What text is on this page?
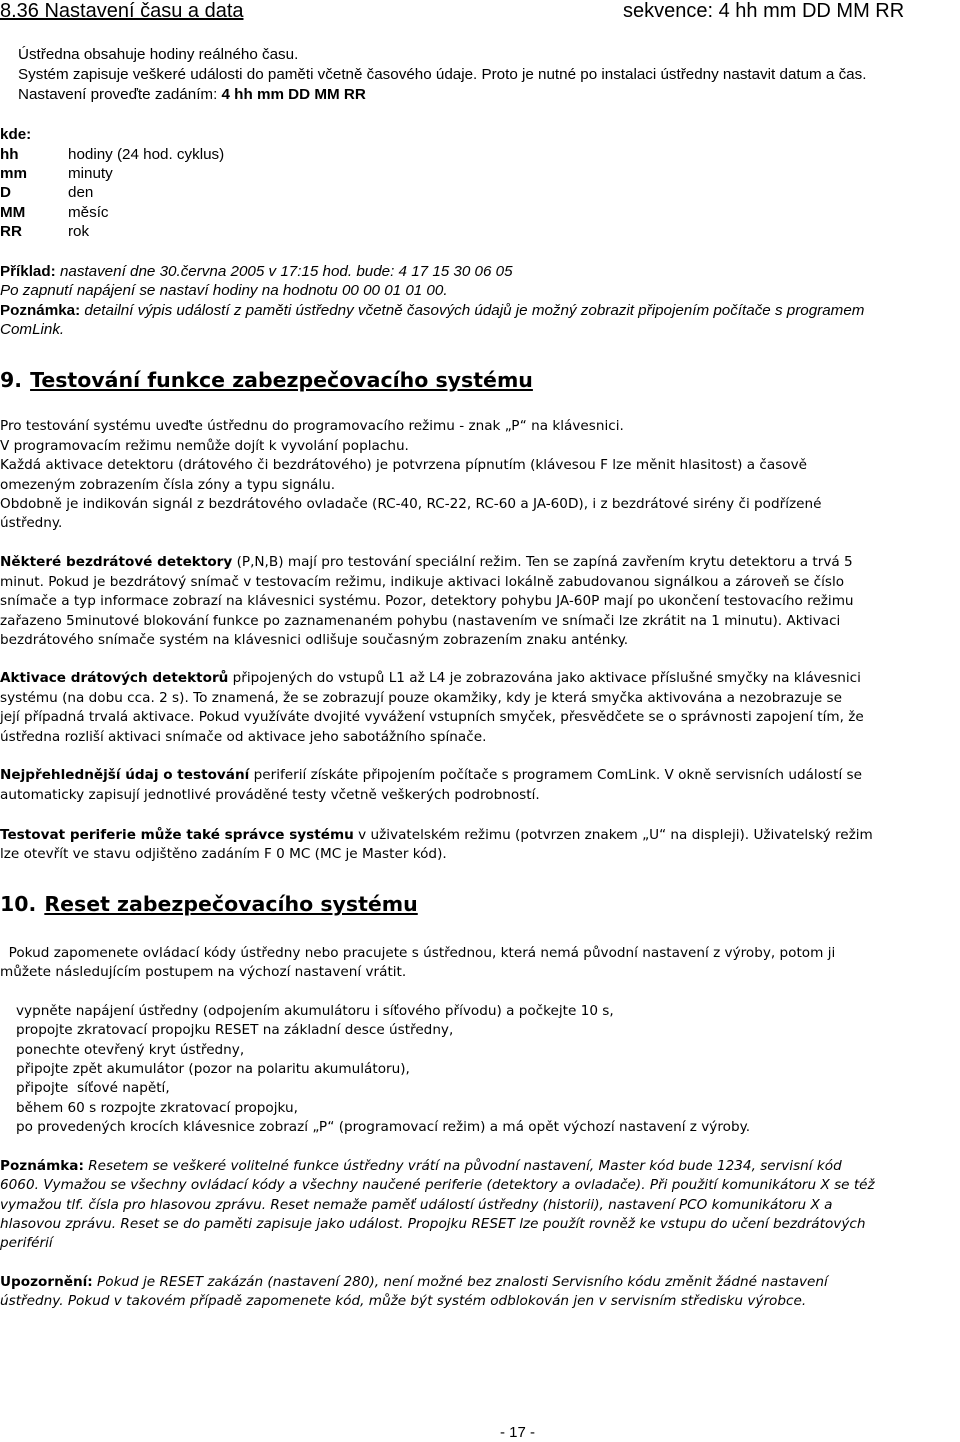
8.36 Nastavení času a data	sekvence: 4 hh mm DD MM RR
Ústředna obsahuje hodiny reálného času.
Systém zapisuje veškeré události do paměti včetně časového údaje. Proto je nutné po instalaci ústředny nastavit datum a čas.
Nastavení proveďte zadáním: 4 hh mm DD MM RR
kde:
hh	hodiny (24 hod. cyklus)
mm	minuty
D	den
MM	měsíc
RR	rok
Příklad: nastavení dne 30.června 2005 v 17:15 hod. bude: 4 17 15 30 06 05
Po zapnutí napájení se nastaví hodiny na hodnotu 00 00 01 01 00.
Poznámka: detailní výpis událostí z paměti ústředny včetně časových údajů je možný zobrazit připojením počítače s programem
ComLink.
9. Testování funkce zabezpečovacího systému
Pro testování systému uveďte ústřednu do programovacího režimu - znak „P“ na klávesnici.
V programovacím režimu nemůže dojít k vyvolání poplachu.
Každá aktivace detektoru (drátového či bezdrátového) je potvrzena pípnutím (klávesou F lze měnit hlasitost) a časově
omezeným zobrazením čísla zóny a typu signálu.
Obdobně je indikován signál z bezdrátového ovladače (RC-40, RC-22, RC-60 a JA-60D), i z bezdrátové sirény či podřízené
ústředny.
Některé bezdrátové detektory (P,N,B) mají pro testování speciální režim. Ten se zapíná zavřením krytu detektoru a trvá 5
minut. Pokud je bezdrátový snímač v testovacím režimu, indikuje aktivaci lokálně zabudovanou signálkou a zároveň se číslo
snímače a typ informace zobrazí na klávesnici systému. Pozor, detektory pohybu JA-60P mají po ukončení testovacího režimu
zařazeno 5minutové blokování funkce po zaznamenaném pohybu (nastavením ve snímači lze zkrátit na 1 minutu). Aktivaci
bezdrátového snímače systém na klávesnici odlišuje současným zobrazením znaku anténky.
Aktivace drátových detektorů připojených do vstupů L1 až L4 je zobrazována jako aktivace příslušné smyčky na klávesnici
systému (na dobu cca. 2 s). To znamená, že se zobrazují pouze okamžiky, kdy je která smyčka aktivována a nezobrazuje se
její případná trvalá aktivace. Pokud využíváte dvojité vyvážení vstupních smyček, přesvědčete se o správnosti zapojení tím, že
ústředna rozliší aktivaci snímače od aktivace jeho sabotážního spínače.
Nejpřehlednější údaj o testování periferií získáte připojením počítače s programem ComLink. V okně servisních událostí se
automaticky zapisují jednotlivé prováděné testy včetně veškerých podrobností.
Testovat periferie může také správce systému v uživatelském režimu (potvrzen znakem „U“ na displeji). Uživatelský režim
lze otevřít ve stavu odjištěno zadáním F 0 MC (MC je Master kód).
10. Reset zabezpečovacího systému
Pokud zapomenete ovládací kódy ústředny nebo pracujete s ústřednou, která nemá původní nastavení z výroby, potom ji
můžete následujícím postupem na výchozí nastavení vrátit.
vypněte napájení ústředny (odpojením akumulátoru i síťového přívodu) a počkejte 10 s,
propojte zkratovací propojku RESET na základní desce ústředny,
ponechte otevřený kryt ústředny,
připojte zpět akumulátor (pozor na polaritu akumulátoru),
připojte  síťové napětí,
během 60 s rozpojte zkratovací propojku,
po provedených krocích klávesnice zobrazí „P“ (programovací režim) a má opět výchozí nastavení z výroby.
Poznámka: Resetem se veškeré volitelné funkce ústředny vrátí na původní nastavení, Master kód bude 1234, servisní kód
6060. Vymažou se všechny ovládací kódy a všechny naučené periferie (detektory a ovladače). Při použití komunikátoru X se též
vymažou tlf. čísla pro hlasovou zprávu. Reset nemaže paměť událostí ústředny (historii), nastavení PCO komunikátoru X a
hlasovou zprávu. Reset se do paměti zapisuje jako událost. Propojku RESET lze použít rovněž ke vstupu do učení bezdrátových
periférií
Upozornění: Pokud je RESET zakázán (nastavení 280), není možné bez znalosti Servisního kódu změnit žádné nastavení
ústředny. Pokud v takovém případě zapomenete kód, může být systém odblokován jen v servisním středisku výrobce.
- 17 -
